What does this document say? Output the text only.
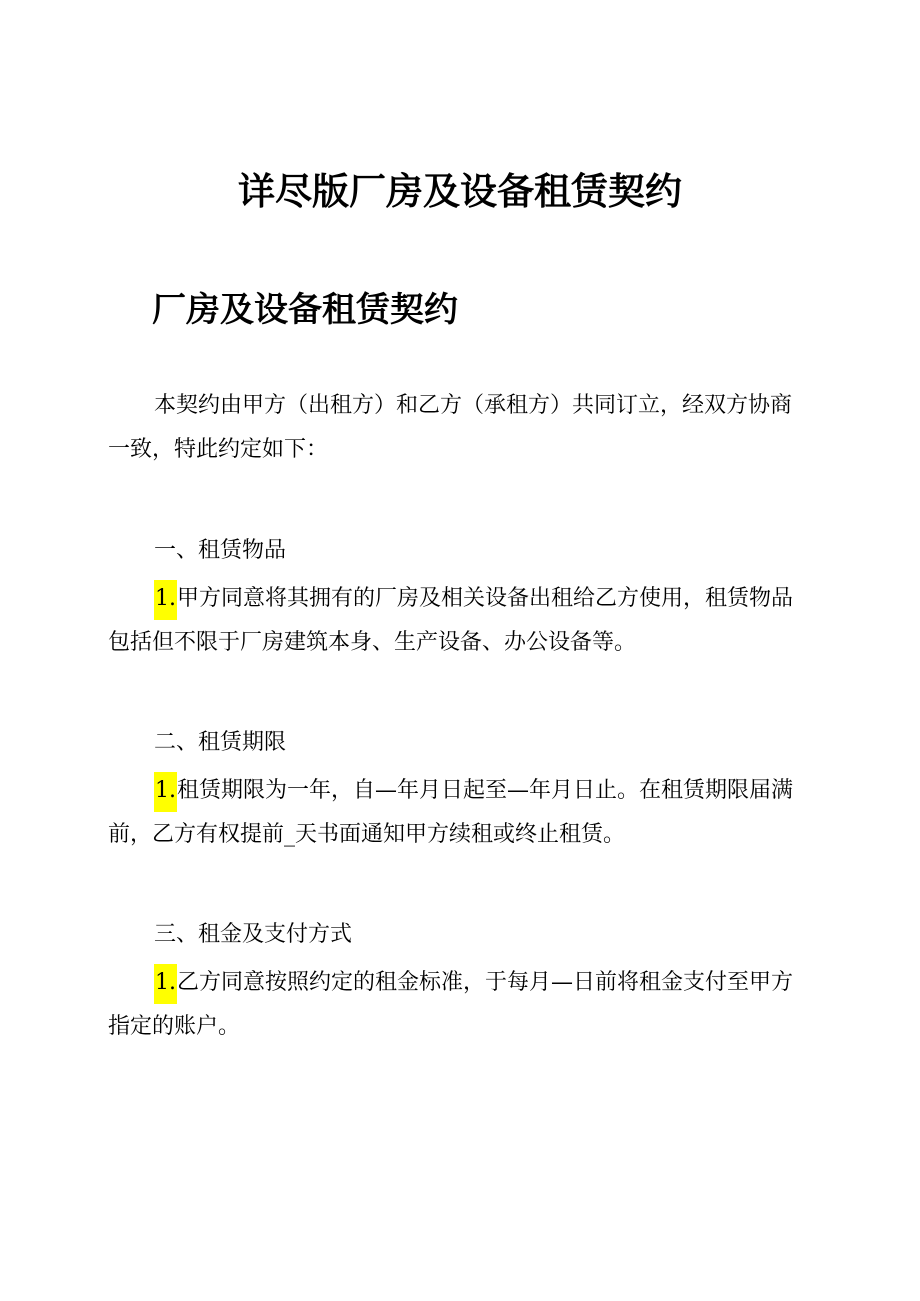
详尽版厂房及设备租赁契约
厂房及设备租赁契约

本契约由甲方（出租方）和乙方（承租方）共同订立，经双方协商一致，特此约定如下：

一、租赁物品

1.甲方同意将其拥有的厂房及相关设备出租给乙方使用，租赁物品包括但不限于厂房建筑本身、生产设备、办公设备等。

二、租赁期限

1.租赁期限为一年，自—年月日起至—年月日止。在租赁期限届满前，乙方有权提前_天书面通知甲方续租或终止租赁。

三、租金及支付方式

1.乙方同意按照约定的租金标准，于每月—日前将租金支付至甲方指定的账户。
